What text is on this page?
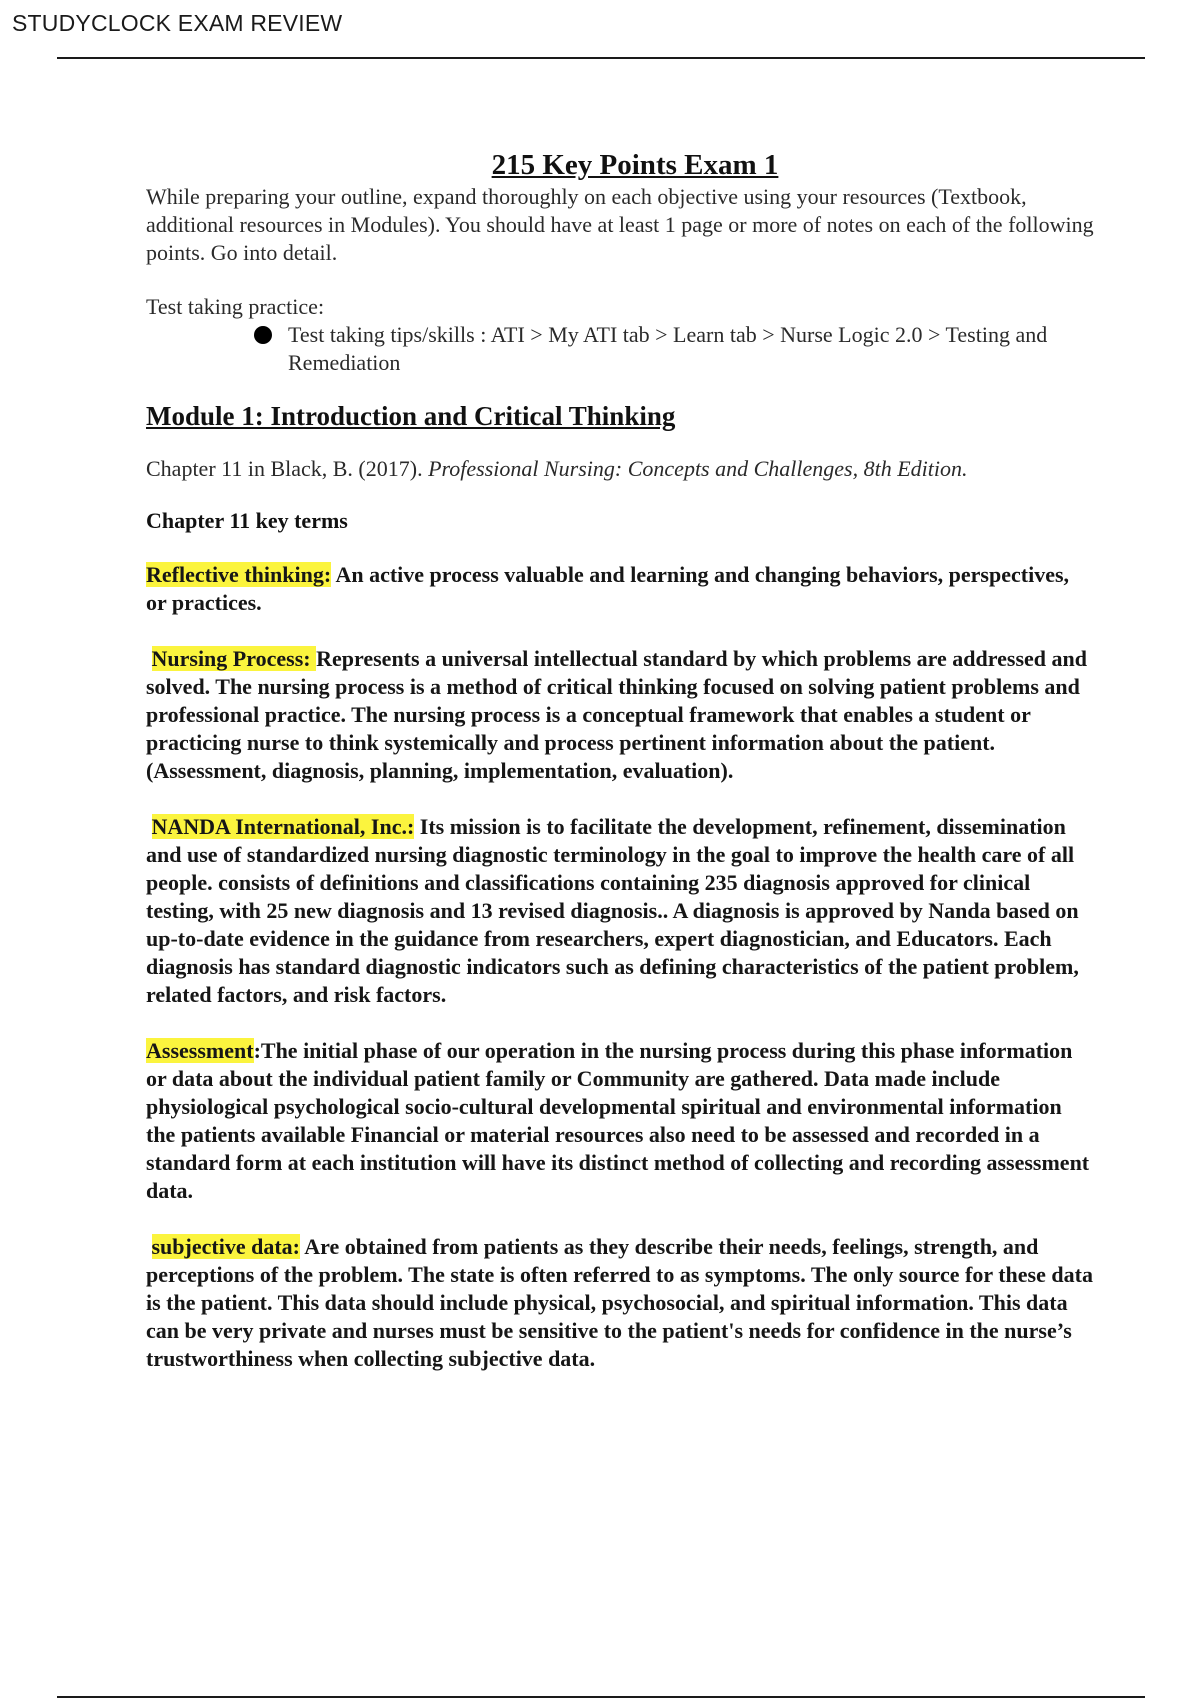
STUDYCLOCK EXAM REVIEW
215 Key Points Exam 1

While preparing your outline, expand thoroughly on each objective using your resources (Textbook, additional resources in Modules). You should have at least 1 page or more of notes on each of the following points. Go into detail.

Test taking practice:

Test taking tips/skills : ATI > My ATI tab > Learn tab > Nurse Logic 2.0 > Testing and Remediation
Module 1: Introduction and Critical Thinking

Chapter 11 in Black, B. (2017). Professional Nursing: Concepts and Challenges, 8th Edition.

Chapter 11 key terms

Reflective thinking: An active process valuable and learning and changing behaviors, perspectives, or practices.

Nursing Process: Represents a universal intellectual standard by which problems are addressed and solved. The nursing process is a method of critical thinking focused on solving patient problems and professional practice. The nursing process is a conceptual framework that enables a student or practicing nurse to think systemically and process pertinent information about the patient. (Assessment, diagnosis, planning, implementation, evaluation).

NANDA International, Inc.: Its mission is to facilitate the development, refinement, dissemination and use of standardized nursing diagnostic terminology in the goal to improve the health care of all people. consists of definitions and classifications containing 235 diagnosis approved for clinical testing, with 25 new diagnosis and 13 revised diagnosis.. A diagnosis is approved by Nanda based on up-to-date evidence in the guidance from researchers, expert diagnostician, and Educators. Each diagnosis has standard diagnostic indicators such as defining characteristics of the patient problem, related factors, and risk factors.

Assessment:The initial phase of our operation in the nursing process during this phase information or data about the individual patient family or Community are gathered. Data made include physiological psychological socio-cultural developmental spiritual and environmental information the patients available Financial or material resources also need to be assessed and recorded in a standard form at each institution will have its distinct method of collecting and recording assessment data.

subjective data: Are obtained from patients as they describe their needs, feelings, strength, and perceptions of the problem. The state is often referred to as symptoms. The only source for these data is the patient. This data should include physical, psychosocial, and spiritual information. This data can be very private and nurses must be sensitive to the patient's needs for confidence in the nurse’s trustworthiness when collecting subjective data.
